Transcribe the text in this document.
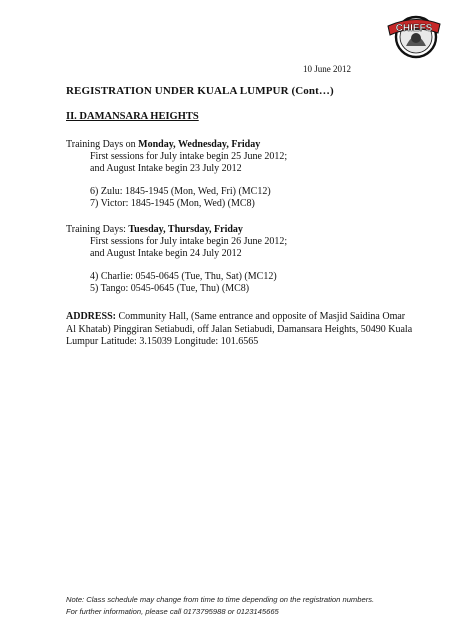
CHIEFS
10 June 2012
REGISTRATION UNDER KUALA LUMPUR (Cont…)
II. DAMANSARA HEIGHTS
Training Days on Monday, Wednesday, Friday
First sessions for July intake begin 25 June 2012;
and August Intake begin 23 July 2012
6) Zulu: 1845-1945 (Mon, Wed, Fri) (MC12)
7) Victor: 1845-1945 (Mon, Wed) (MC8)
Training Days: Tuesday, Thursday, Friday
First sessions for July intake begin 26 June 2012;
and August Intake begin 24 July 2012
4) Charlie: 0545-0645 (Tue, Thu, Sat) (MC12)
5) Tango: 0545-0645 (Tue, Thu) (MC8)
ADDRESS: Community Hall, (Same entrance and opposite of Masjid Saidina Omar Al Khatab) Pinggiran Setiabudi, off Jalan Setiabudi, Damansara Heights, 50490 Kuala Lumpur Latitude: 3.15039 Longitude: 101.6565
Note: Class schedule may change from time to time depending on the registration numbers.
For further information, please call 0173795988 or 0123145665
